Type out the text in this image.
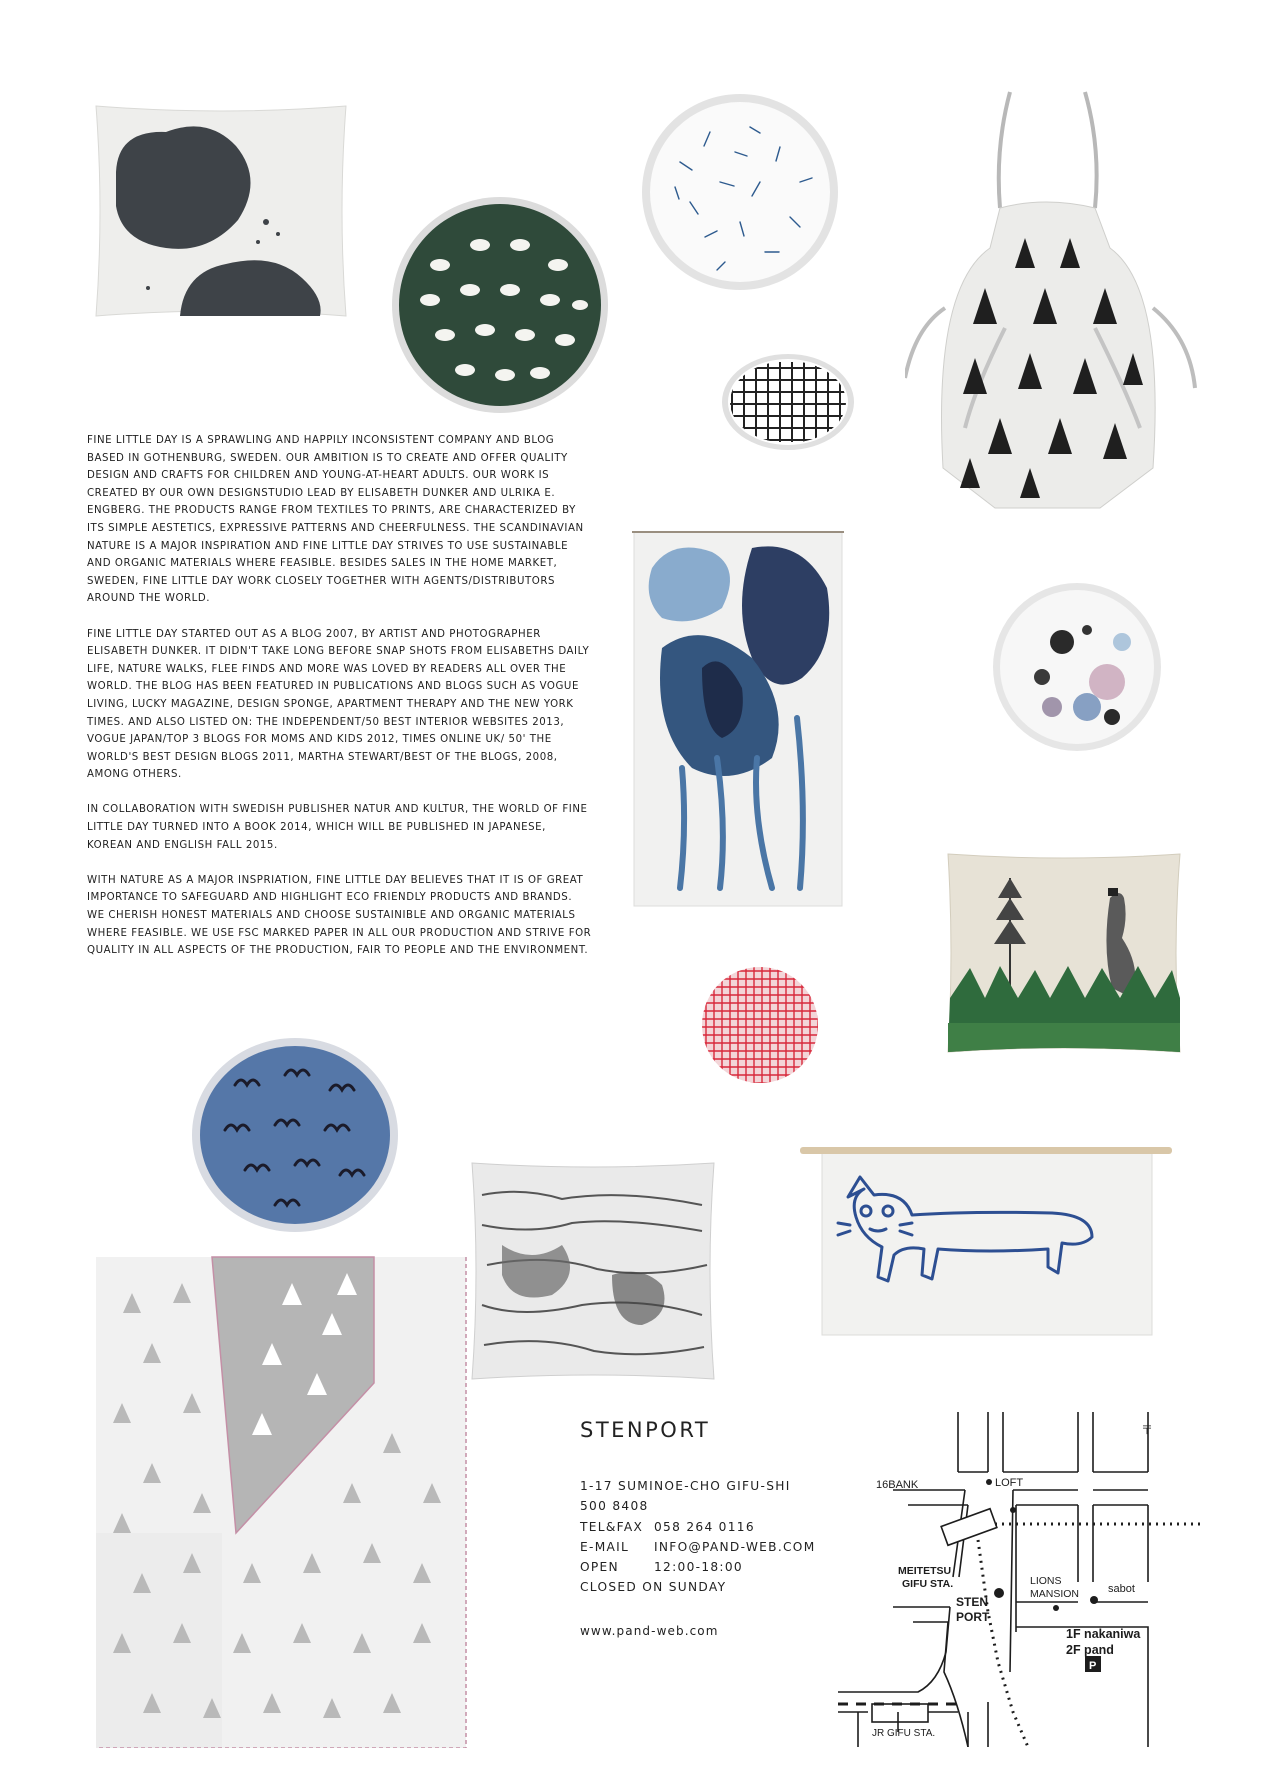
FINE LITTLE DAY IS A SPRAWLING AND HAPPILY INCONSISTENT COMPANY AND BLOG BASED IN GOTHENBURG, SWEDEN. OUR AMBITION IS TO CREATE AND OFFER QUALITY DESIGN AND CRAFTS FOR CHILDREN AND YOUNG-AT-HEART ADULTS. OUR WORK IS CREATED BY OUR OWN DESIGNSTUDIO LEAD BY ELISABETH DUNKER AND ULRIKA E. ENGBERG. THE PRODUCTS RANGE FROM TEXTILES TO PRINTS, ARE CHARACTERIZED BY ITS SIMPLE AESTETICS, EXPRESSIVE PATTERNS AND CHEERFULNESS. THE SCANDINAVIAN NATURE IS A MAJOR INSPIRATION AND FINE LITTLE DAY STRIVES TO USE SUSTAINABLE AND ORGANIC MATERIALS WHERE FEASIBLE. BESIDES SALES IN THE HOME MARKET, SWEDEN, FINE LITTLE DAY WORK CLOSELY TOGETHER WITH AGENTS/DISTRIBUTORS AROUND THE WORLD.

FINE LITTLE DAY STARTED OUT AS A BLOG 2007, BY ARTIST AND PHOTOGRAPHER ELISABETH DUNKER. IT DIDN'T TAKE LONG BEFORE SNAP SHOTS FROM ELISABETHS DAILY LIFE, NATURE WALKS, FLEE FINDS AND MORE WAS LOVED BY READERS ALL OVER THE WORLD. THE BLOG HAS BEEN FEATURED IN PUBLICATIONS AND BLOGS SUCH AS VOGUE LIVING, LUCKY MAGAZINE, DESIGN SPONGE, APARTMENT THERAPY AND THE NEW YORK TIMES. AND ALSO LISTED ON: THE INDEPENDENT/50 BEST INTERIOR WEBSITES 2013, VOGUE JAPAN/TOP 3 BLOGS FOR MOMS AND KIDS 2012, TIMES ONLINE UK/ 50' THE WORLD'S BEST DESIGN BLOGS 2011, MARTHA STEWART/BEST OF THE BLOGS, 2008, AMONG OTHERS.

IN COLLABORATION WITH SWEDISH PUBLISHER NATUR AND KULTUR, THE WORLD OF FINE LITTLE DAY TURNED INTO A BOOK 2014, WHICH WILL BE PUBLISHED IN JAPANESE, KOREAN AND ENGLISH FALL 2015.

WITH NATURE AS A MAJOR INSPRIATION, FINE LITTLE DAY BELIEVES THAT IT IS OF GREAT IMPORTANCE TO SAFEGUARD AND HIGHLIGHT ECO FRIENDLY PRODUCTS AND BRANDS. WE CHERISH HONEST MATERIALS AND CHOOSE SUSTAINIBLE AND ORGANIC MATERIALS WHERE FEASIBLE. WE USE FSC MARKED PAPER IN ALL OUR PRODUCTION AND STRIVE FOR QUALITY IN ALL ASPECTS OF THE PRODUCTION, FAIR TO PEOPLE AND THE ENVIRONMENT.

STENPORT
1-17 SUMINOE-CHO GIFU-SHI
500 8408
TEL&FAX 058 264 0116
E-MAIL INFO@PAND-WEB.COM
OPEN	12:00-18:00
CLOSED ON SUNDAY
www.pand-web.com
16BANK
〒
LOFT
MEITETSU
GIFU STA.	LIONS
MANSION	sabot
STEN
PORT
1F nakaniwa
2F pand
P
JR GIFU STA.
